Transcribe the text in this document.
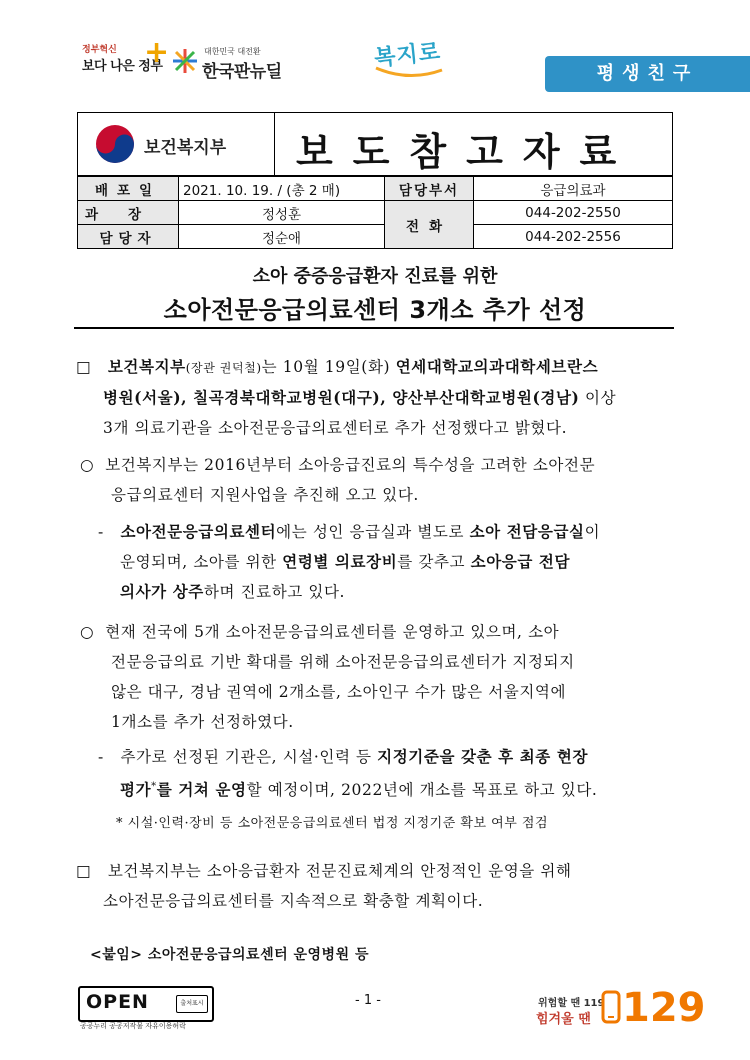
정부혁신
보다 나은 정부
+	대한민국 대전환
한국판뉴딜
복지로
평생친구
보건복지부 보도참고자료
배포일	2021. 10. 19. / (총 2 매)	담당부서	응급의료과
과장	정성훈	전화	044-202-2550
담당자	정순애		044-202-2556
소아 중증응급환자 진료를 위한
소아전문응급의료센터 3개소 추가 선정
□ 보건복지부(장관 권덕철)는 10월 19일(화) 연세대학교의과대학세브란스
병원(서울), 칠곡경북대학교병원(대구), 양산부산대학교병원(경남) 이상
3개 의료기관을 소아전문응급의료센터로 추가 선정했다고 밝혔다.
○ 보건복지부는 2016년부터 소아응급진료의 특수성을 고려한 소아전문
응급의료센터 지원사업을 추진해 오고 있다.
- 소아전문응급의료센터에는 성인 응급실과 별도로 소아 전담응급실이
운영되며, 소아를 위한 연령별 의료장비를 갖추고 소아응급 전담
의사가 상주하며 진료하고 있다.
○ 현재 전국에 5개 소아전문응급의료센터를 운영하고 있으며, 소아
전문응급의료 기반 확대를 위해 소아전문응급의료센터가 지정되지
않은 대구, 경남 권역에 2개소를, 소아인구 수가 많은 서울지역에
1개소를 추가 선정하였다.
- 추가로 선정된 기관은, 시설·인력 등 지정기준을 갖춘 후 최종 현장
평가*를 거쳐 운영할 예정이며, 2022년에 개소를 목표로 하고 있다.
* 시설·인력·장비 등 소아전문응급의료센터 법정 지정기준 확보 여부 점검
□ 보건복지부는 소아응급환자 전문진료체계의 안정적인 운영을 위해
소아전문응급의료센터를 지속적으로 확충할 계획이다.
<붙임> 소아전문응급의료센터 운영병원 등
OPEN	출처표시
공공누리 공공저작물 자유이용허락
- 1 -	위험할 땐 119
힘겨울 땐 129
